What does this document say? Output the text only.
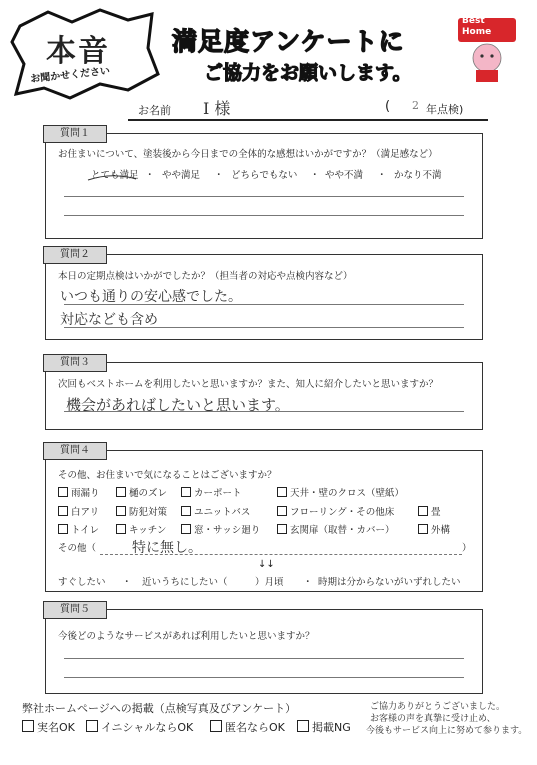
本音
お聞かせください
満足度アンケートに
ご協力をお願いします。
Best
Home
お名前 I 様	( 2 年点検)
質問１
お住まいについて、塗装後から今日までの全体的な感想はいかがですか？（満足感など）
とても満足 ・ やや満足 ・ どちらでもない ・ やや不満 ・ かなり不満
質問２
本日の定期点検はいかがでしたか？（担当者の対応や点検内容など）
いつも通りの安心感でした。
対応なども含め
質問３
次回もベストホームを利用したいと思いますか？また、知人に紹介したいと思いますか？
機会があればしたいと思います。
質問４
その他、お住まいで気になることはございますか？
雨漏り	樋のズレ	カーポート	天井・壁のクロス（壁紙）
白アリ	防犯対策	ユニットバス	フローリング・その他床	畳
トイレ	キッチン	窓・サッシ廻り	玄関扉（取替・カバー）	外構
その他（	特に無し。	）
↓↓
すぐしたい ・ 近いうちにしたい（	）月頃 ・ 時期は分からないがいずれしたい
質問５
今後どのようなサービスがあれば利用したいと思いますか？
弊社ホームページへの掲載（点検写真及びアンケート）
実名OK	イニシャルならOK	匿名ならOK	掲載NG
ご協力ありがとうございました。
お客様の声を真摯に受け止め、
今後もサービス向上に努めて参ります。
